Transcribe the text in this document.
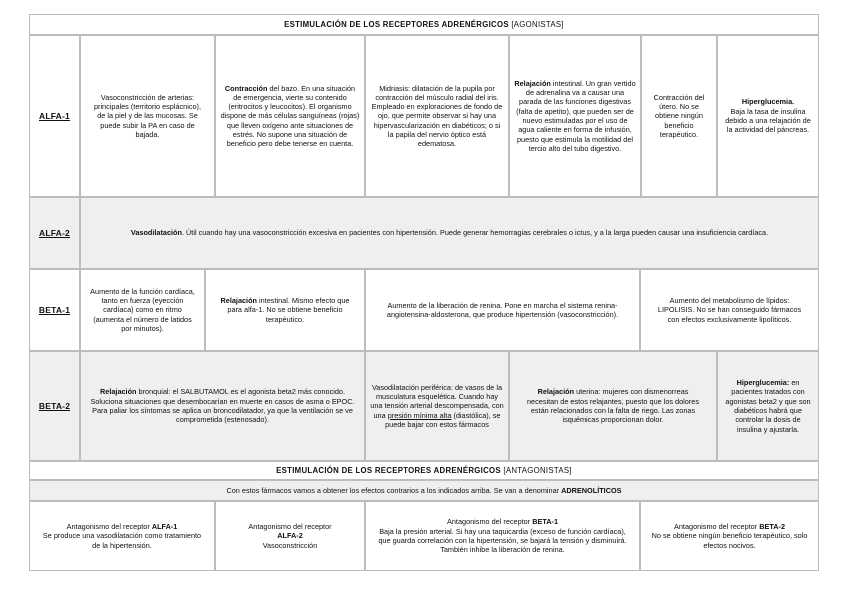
ESTIMULACIÓN DE LOS RECEPTORES ADRENÉRGICOS [AGONISTAS]
ALFA-1
Vasoconstricción de arterias: principales (territorio esplácnico), de la piel y de las mucosas. Se puede subir la PA en caso de bajada.
Contracción del bazo. En una situación de emergencia, vierte su contenido (eritrocitos y leucocitos). El organismo dispone de más células sanguíneas (rojas) que lleven oxígeno ante situaciones de estrés. No supone una situación de beneficio pero debe tenerse en cuenta.
Midriasis: dilatación de la pupila por contracción del músculo radial del iris. Empleado en exploraciones de fondo de ojo, que permite observar si hay una hipervascularización en diabéticos; o si la papila del nervio óptico está edematosa.
Relajación intestinal. Un gran vertido de adrenalina va a causar una parada de las funciones digestivas (falta de apetito), que pueden ser de nuevo estimuladas por el uso de agua caliente en forma de infusión, puesto que estimula la motilidad del tercio alto del tubo digestivo.
Contracción del útero. No se obtiene ningún beneficio terapéutico.
Hiperglucemia.
Baja la tasa de insulina debido a una relajación de la actividad del páncreas.
ALFA-2	Vasodilatación. Útil cuando hay una vasoconstricción excesiva en pacientes con hipertensión. Puede generar hemorragias cerebrales o ictus, y a la larga pueden causar una insuficiencia cardíaca.
BETA-1
Aumento de la función cardíaca, tanto en fuerza (eyección cardíaca) como en ritmo (aumenta el número de latidos por minutos).
Relajación intestinal. Mismo efecto que para alfa-1. No se obtiene beneficio terapéutico.
Aumento de la liberación de renina. Pone en marcha el sistema renina-angiotensina-aldosterona, que produce hipertensión (vasoconstricción).
Aumento del metabolismo de lípidos: LIPOLISIS. No se han conseguido fármacos con efectos exclusivamente lipolíticos.
BETA-2
Relajación bronquial: el SALBUTAMOL es el agonista beta2 más conocido. Soluciona situaciones que desembocarían en muerte en casos de asma o EPOC. Para paliar los síntomas se aplica un broncodilatador, ya que la ventilación se ve comprometida (estenosado).
Vasodilatación periférica: de vasos de la musculatura esquelética. Cuando hay una tensión arterial descompensada, con una presión mínima alta (diastólica), se puede bajar con estos fármacos
Relajación uterina: mujeres con dismenorreas necesitan de estos relajantes, puesto que los dolores están relacionados con la falta de riego. Las zonas isquémicas proporcionan dolor.
Hiperglucemia: en pacientes tratados con agonistas beta2 y que son diabéticos habrá que controlar la dosis de insulina y ajustarla.
ESTIMULACIÓN DE LOS RECEPTORES ADRENÉRGICOS [ANTAGONISTAS]
Con estos fármacos vamos a obtener los efectos contrarios a los indicados arriba. Se van a denominar ADRENOLÍTICOS
Antagonismo del receptor ALFA-1
Se produce una vasodilatación como tratamiento de la hipertensión.
Antagonismo del receptor
ALFA-2
Vasoconstricción
Antagonismo del receptor BETA-1
Baja la presión arterial. Si hay una taquicardia (exceso de función cardíaca), que guarda correlación con la hipertensión, se bajará la tensión y disminuirá. También inhibe la liberación de renina.
Antagonismo del receptor BETA-2
No se obtiene ningún beneficio terapéutico, solo efectos nocivos.
